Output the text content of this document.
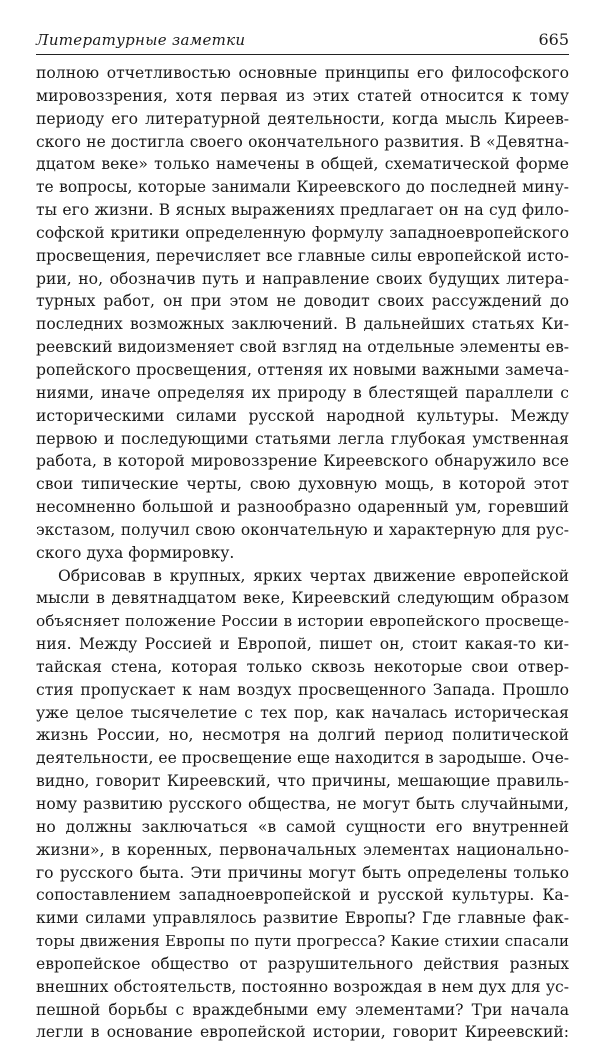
Литературные заметки	665
полною отчетливостью основные принципы его философского
мировоззрения, хотя первая из этих статей относится к тому
периоду его литературной деятельности, когда мысль Киреев-
ского не достигла своего окончательного развития. В «Девятна-
дцатом веке» только намечены в общей, схематической форме
те вопросы, которые занимали Киреевского до последней мину-
ты его жизни. В ясных выражениях предлагает он на суд фило-
софской критики определенную формулу западноевропейского
просвещения, перечисляет все главные силы европейской исто-
рии, но, обозначив путь и направление своих будущих литера-
турных работ, он при этом не доводит своих рассуждений до
последних возможных заключений. В дальнейших статьях Ки-
реевский видоизменяет свой взгляд на отдельные элементы ев-
ропейского просвещения, оттеняя их новыми важными замеча-
ниями, иначе определяя их природу в блестящей параллели с
историческими силами русской народной культуры. Между
первою и последующими статьями легла глубокая умственная
работа, в которой мировоззрение Киреевского обнаружило все
свои типические черты, свою духовную мощь, в которой этот
несомненно большой и разнообразно одаренный ум, горевший
экстазом, получил свою окончательную и характерную для рус-
ского духа формировку.
Обрисовав в крупных, ярких чертах движение европейской
мысли в девятнадцатом веке, Киреевский следующим образом
объясняет положение России в истории европейского просвеще-
ния. Между Россией и Европой, пишет он, стоит какая-то ки-
тайская стена, которая только сквозь некоторые свои отвер-
стия пропускает к нам воздух просвещенного Запада. Прошло
уже целое тысячелетие с тех пор, как началась историческая
жизнь России, но, несмотря на долгий период политической
деятельности, ее просвещение еще находится в зародыше. Оче-
видно, говорит Киреевский, что причины, мешающие правиль-
ному развитию русского общества, не могут быть случайными,
но должны заключаться «в самой сущности его внутренней
жизни», в коренных, первоначальных элементах национально-
го русского быта. Эти причины могут быть определены только
сопоставлением западноевропейской и русской культуры. Ка-
кими силами управлялось развитие Европы? Где главные фак-
торы движения Европы по пути прогресса? Какие стихии спасали
европейское общество от разрушительного действия разных
внешних обстоятельств, постоянно возрождая в нем дух для ус-
пешной борьбы с враждебными ему элементами? Три начала
легли в основание европейской истории, говорит Киреевский:
